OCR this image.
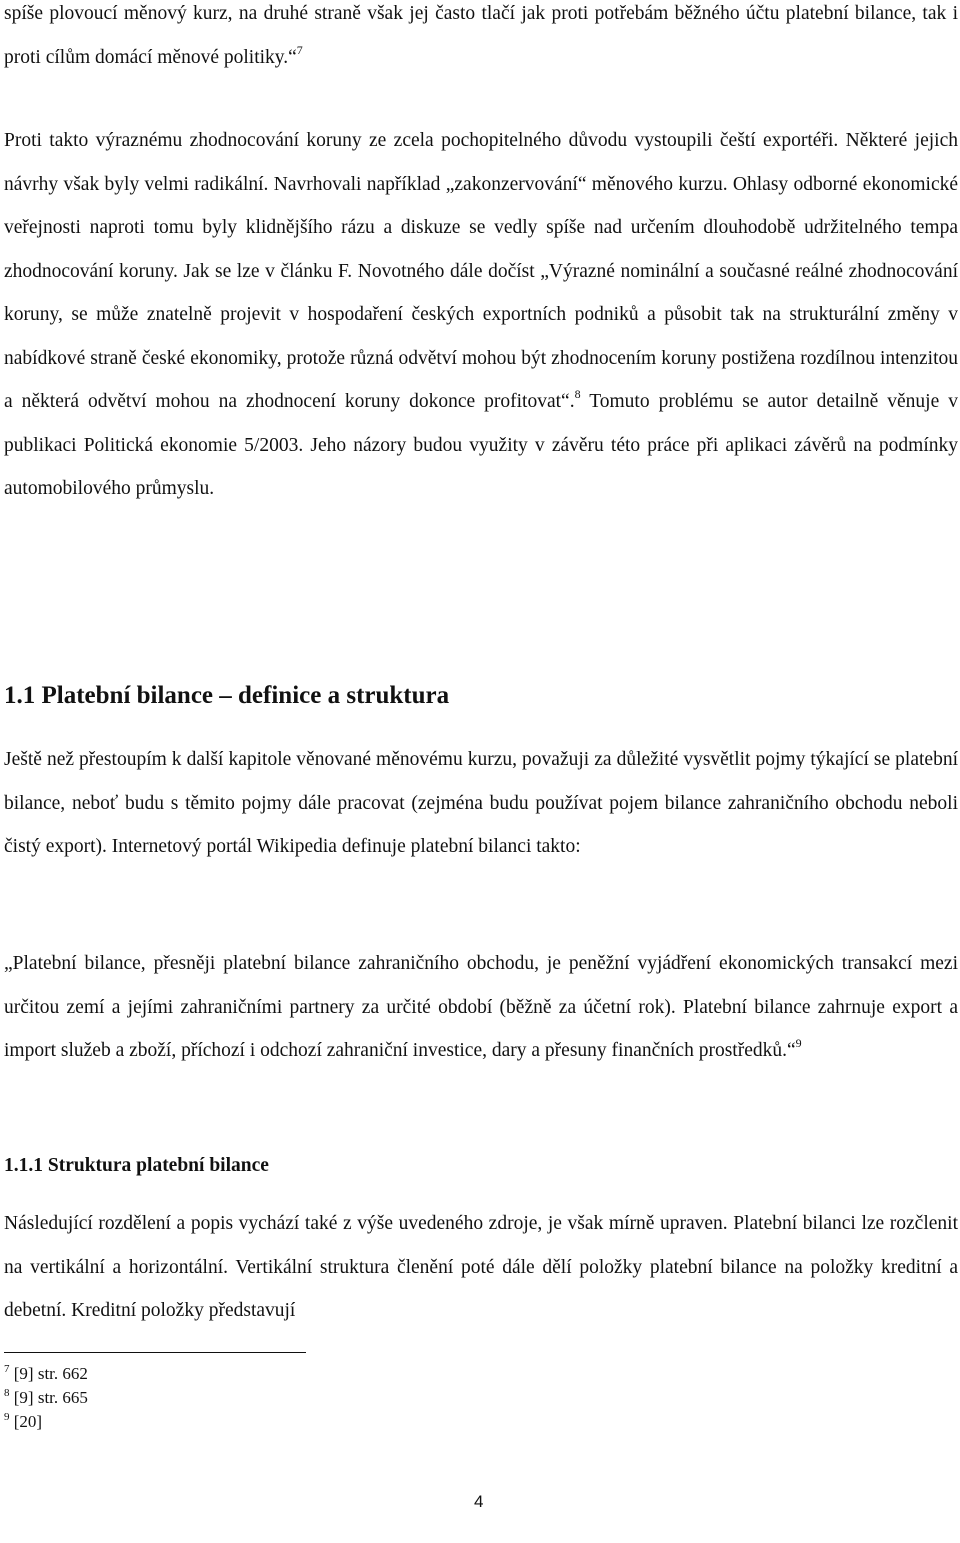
spíše plovoucí měnový kurz, na druhé straně však jej často tlačí jak proti potřebám běžného účtu platební bilance, tak i proti cílům domácí měnové politiky.“$^7$

Proti takto výraznému zhodnocování koruny ze zcela pochopitelného důvodu vystoupili čeští exportéři. Některé jejich návrhy však byly velmi radikální. Navrhovali například „zakonzervování“ měnového kurzu. Ohlasy odborné ekonomické veřejnosti naproti tomu byly klidnějšího rázu a diskuze se vedly spíše nad určením dlouhodobě udržitelného tempa zhodnocování koruny. Jak se lze v článku F. Novotného dále dočíst „Výrazné nominální a současné reálné zhodnocování koruny, se může znatelně projevit v hospodaření českých exportních podniků a působit tak na strukturální změny v nabídkové straně české ekonomiky, protože různá odvětví mohou být zhodnocením koruny postižena rozdílnou intenzitou a některá odvětví mohou na zhodnocení koruny dokonce profitovat“.$^8$ Tomuto problému se autor detailně věnuje v publikaci Politická ekonomie 5/2003. Jeho názory budou využity v závěru této práce při aplikaci závěrů na podmínky automobilového průmyslu.

1.1 Platební bilance – definice a struktura

Ještě než přestoupím k další kapitole věnované měnovému kurzu, považuji za důležité vysvětlit pojmy týkající se platební bilance, neboť budu s těmito pojmy dále pracovat (zejména budu používat pojem bilance zahraničního obchodu neboli čistý export). Internetový portál Wikipedia definuje platební bilanci takto:

„Platební bilance, přesněji platební bilance zahraničního obchodu, je peněžní vyjádření ekonomických transakcí mezi určitou zemí a jejími zahraničními partnery za určité období (běžně za účetní rok). Platební bilance zahrnuje export a import služeb a zboží, příchozí i odchozí zahraniční investice, dary a přesuny finančních prostředků.“$^9$

1.1.1 Struktura platební bilance

Následující rozdělení a popis vychází také z výše uvedeného zdroje, je však mírně upraven. Platební bilanci lze rozčlenit na vertikální a horizontální. Vertikální struktura členění poté dále dělí položky platební bilance na položky kreditní a debetní. Kreditní položky představují

$^7$ [9] str. 662
$^8$ [9] str. 665
$^9$ [20]
4
